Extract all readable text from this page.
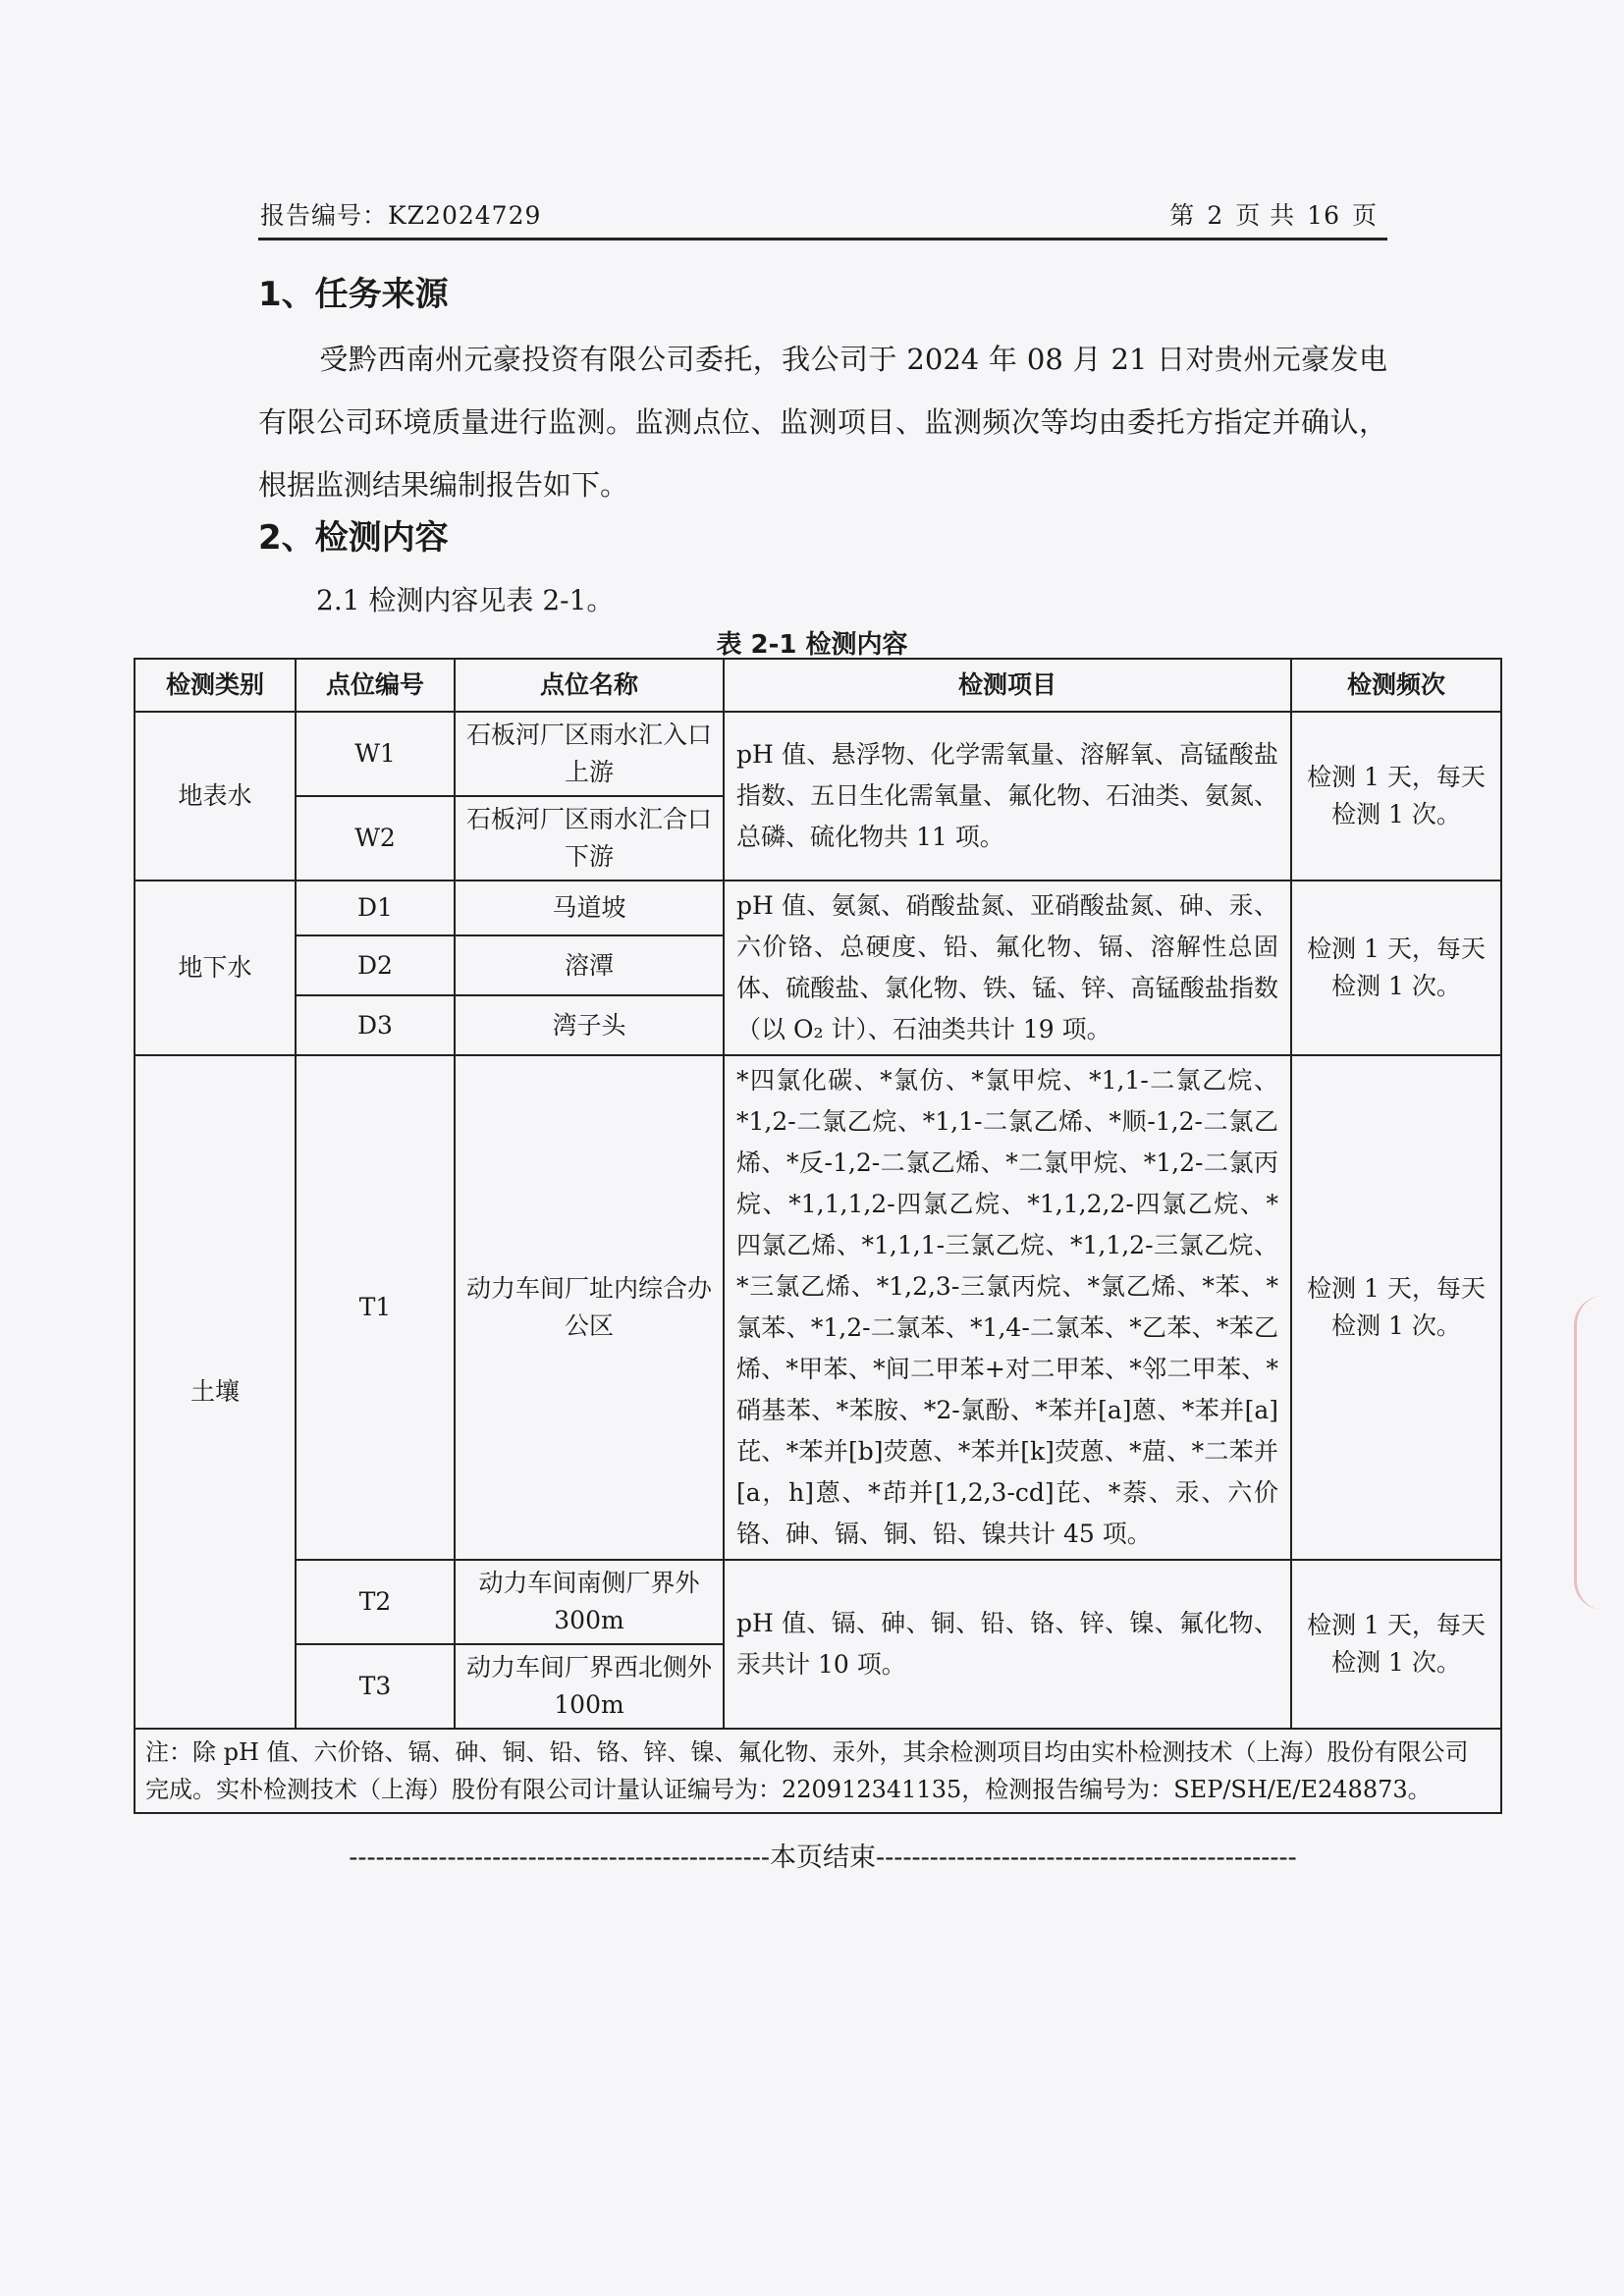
报告编号：KZ2024729	第 2 页 共 16 页
1、任务来源

受黔西南州元豪投资有限公司委托，我公司于 2024 年 08 月 21 日对贵州元豪发电有限公司环境质量进行监测。监测点位、监测项目、监测频次等均由委托方指定并确认，根据监测结果编制报告如下。

2、检测内容
2.1 检测内容见表 2-1。
表 2-1 检测内容
检测类别	点位编号	点位名称	检测项目	检测频次
地表水	W1	石板河厂区雨水汇入口上游	pH 值、悬浮物、化学需氧量、溶解氧、高锰酸盐指数、五日生化需氧量、氟化物、石油类、氨氮、总磷、硫化物共 11 项。	检测 1 天，每天检测 1 次。
	W2	石板河厂区雨水汇合口下游		
地下水	D1	马道坡	pH 值、氨氮、硝酸盐氮、亚硝酸盐氮、砷、汞、六价铬、总硬度、铅、氟化物、镉、溶解性总固体、硫酸盐、氯化物、铁、锰、锌、高锰酸盐指数（以 O₂ 计）、石油类共计 19 项。	检测 1 天，每天检测 1 次。
	D2	溶潭		
	D3	湾子头		
土壤	T1	动力车间厂址内综合办公区	*四氯化碳、*氯仿、*氯甲烷、*1,1-二氯乙烷、*1,2-二氯乙烷、*1,1-二氯乙烯、*顺-1,2-二氯乙烯、*反-1,2-二氯乙烯、*二氯甲烷、*1,2-二氯丙烷、*1,1,1,2-四氯乙烷、*1,1,2,2-四氯乙烷、*四氯乙烯、*1,1,1-三氯乙烷、*1,1,2-三氯乙烷、*三氯乙烯、*1,2,3-三氯丙烷、*氯乙烯、*苯、*氯苯、*1,2-二氯苯、*1,4-二氯苯、*乙苯、*苯乙烯、*甲苯、*间二甲苯+对二甲苯、*邻二甲苯、*硝基苯、*苯胺、*2-氯酚、*苯并[a]蒽、*苯并[a]芘、*苯并[b]荧蒽、*苯并[k]荧蒽、*䓛、*二苯并[a，h]蒽、*茚并[1,2,3-cd]芘、*萘、汞、六价铬、砷、镉、铜、铅、镍共计 45 项。	检测 1 天，每天检测 1 次。
	T2	动力车间南侧厂界外 300m	pH 值、镉、砷、铜、铅、铬、锌、镍、氟化物、汞共计 10 项。	检测 1 天，每天检测 1 次。
	T3	动力车间厂界西北侧外 100m		
注：除 pH 值、六价铬、镉、砷、铜、铅、铬、锌、镍、氟化物、汞外，其余检测项目均由实朴检测技术（上海）股份有限公司完成。实朴检测技术（上海）股份有限公司计量认证编号为：220912341135，检测报告编号为：SEP/SH/E/E248873。				
-----------------------------------------------本页结束-----------------------------------------------
